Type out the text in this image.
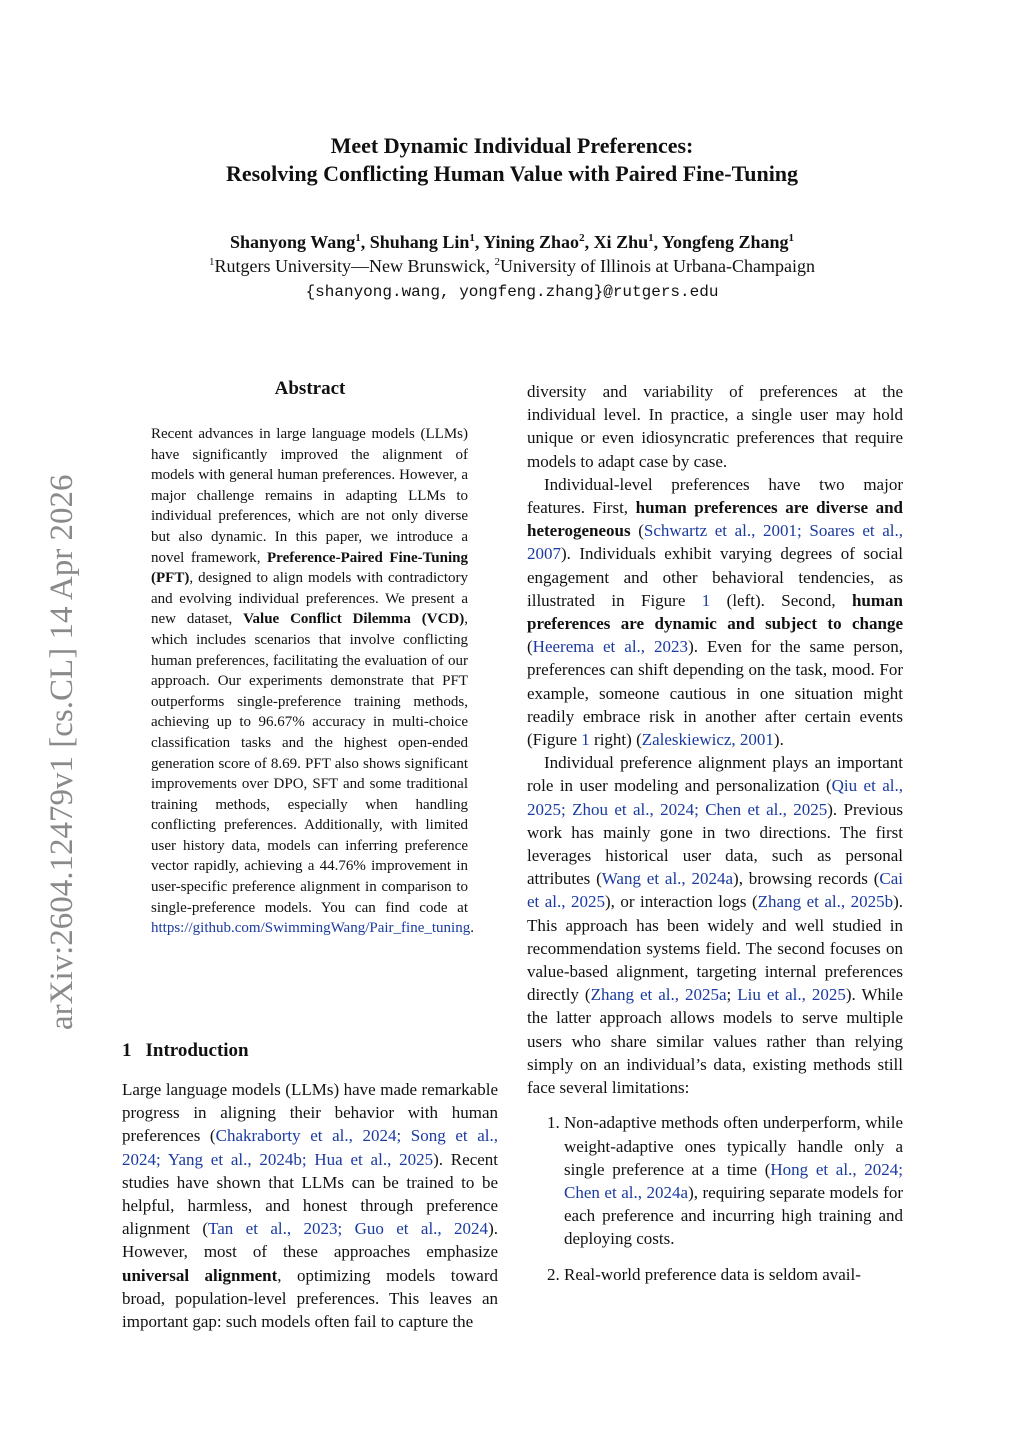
arXiv:2604.12479v1 [cs.CL] 14 Apr 2026
Meet Dynamic Individual Preferences:
Resolving Conflicting Human Value with Paired Fine-Tuning
Shanyong Wang$^1$, Shuhang Lin$^1$, Yining Zhao$^2$, Xi Zhu$^1$, Yongfeng Zhang$^1$
$^1$Rutgers University—New Brunswick, $^2$University of Illinois at Urbana-Champaign
{shanyong.wang, yongfeng.zhang}@rutgers.edu
Abstract
Recent advances in large language models (LLMs) have significantly improved the alignment of models with general human preferences. However, a major challenge remains in adapting LLMs to individual preferences, which are not only diverse but also dynamic. In this paper, we introduce a novel framework, Preference-Paired Fine-Tuning (PFT), designed to align models with contradictory and evolving individual preferences. We present a new dataset, Value Conflict Dilemma (VCD), which includes scenarios that involve conflicting human preferences, facilitating the evaluation of our approach. Our experiments demonstrate that PFT outperforms single-preference training methods, achieving up to 96.67% accuracy in multi-choice classification tasks and the highest open-ended generation score of 8.69. PFT also shows significant improvements over DPO, SFT and some traditional training methods, especially when handling conflicting preferences. Additionally, with limited user history data, models can inferring preference vector rapidly, achieving a 44.76% improvement in user-specific preference alignment in comparison to single-preference models. You can find code at https://github.com/SwimmingWang/Pair_fine_tuning.
1 Introduction

Large language models (LLMs) have made remarkable progress in aligning their behavior with human preferences (Chakraborty et al., 2024; Song et al., 2024; Yang et al., 2024b; Hua et al., 2025). Recent studies have shown that LLMs can be trained to be helpful, harmless, and honest through preference alignment (Tan et al., 2023; Guo et al., 2024). However, most of these approaches emphasize universal alignment, optimizing models toward broad, population-level preferences. This leaves an important gap: such models often fail to capture the

diversity and variability of preferences at the individual level. In practice, a single user may hold unique or even idiosyncratic preferences that require models to adapt case by case.

Individual-level preferences have two major features. First, human preferences are diverse and heterogeneous (Schwartz et al., 2001; Soares et al., 2007). Individuals exhibit varying degrees of social engagement and other behavioral tendencies, as illustrated in Figure 1 (left). Second, human preferences are dynamic and subject to change (Heerema et al., 2023). Even for the same person, preferences can shift depending on the task, mood. For example, someone cautious in one situation might readily embrace risk in another after certain events (Figure 1 right) (Zaleskiewicz, 2001).

Individual preference alignment plays an important role in user modeling and personalization (Qiu et al., 2025; Zhou et al., 2024; Chen et al., 2025). Previous work has mainly gone in two directions. The first leverages historical user data, such as personal attributes (Wang et al., 2024a), browsing records (Cai et al., 2025), or interaction logs (Zhang et al., 2025b). This approach has been widely and well studied in recommendation systems field. The second focuses on value-based alignment, targeting internal preferences directly (Zhang et al., 2025a; Liu et al., 2025). While the latter approach allows models to serve multiple users who share similar values rather than relying simply on an individual’s data, existing methods still face several limitations:

1. Non-adaptive methods often underperform, while weight-adaptive ones typically handle only a single preference at a time (Hong et al., 2024; Chen et al., 2024a), requiring separate models for each preference and incurring high training and deploying costs.
2. Real-world preference data is seldom avail-
